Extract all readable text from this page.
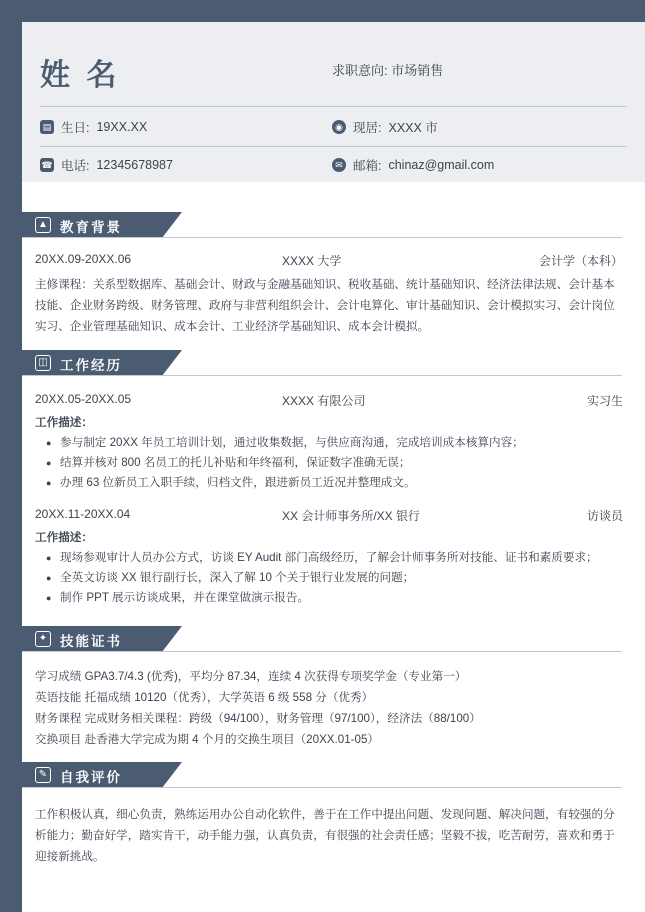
姓 名	求职意向: 市场销售
▤ 生日: 19XX.XX	◉ 现居: XXXX 市
☎ 电话: 12345678987	✉ 邮箱: chinaz@gmail.com
▲ 教育背景
20XX.09-20XX.06	XXXX 大学	会计学（本科）
主修课程：关系型数据库、基础会计、财政与金融基础知识、税收基础、统计基础知识、经济法律法规、会计基本技能、企业财务跨级、财务管理、政府与非营利组织会计、会计电算化、审计基础知识、会计模拟实习、会计岗位实习、企业管理基础知识、成本会计、工业经济学基础知识、成本会计模拟。
◫ 工作经历
20XX.05-20XX.05	XXXX 有限公司	实习生
工作描述：
● 参与制定 20XX 年员工培训计划，通过收集数据，与供应商沟通，完成培训成本核算内容；
● 结算并核对 800 名员工的托儿补贴和年终福利，保证数字准确无误；
● 办理 63 位新员工入职手续，归档文件，跟进新员工近况并整理成文。
20XX.11-20XX.04	XX 会计师事务所/XX 银行	访谈员
工作描述：
● 现场参观审计人员办公方式，访谈 EY Audit 部门高级经历，了解会计师事务所对技能、证书和素质要求；
● 全英文访谈 XX 银行副行长，深入了解 10 个关于银行业发展的问题；
● 制作 PPT 展示访谈成果，并在课堂做演示报告。
✦ 技能证书
学习成绩 GPA3.7/4.3 (优秀)，平均分 87.34，连续 4 次获得专项奖学金（专业第一）
英语技能 托福成绩 10120（优秀），大学英语 6 级 558 分（优秀）
财务课程 完成财务相关课程：跨级（94/100），财务管理（97/100），经济法（88/100）
交换项目 赴香港大学完成为期 4 个月的交换生项目（20XX.01-05）
✎ 自我评价
工作积极认真，细心负责，熟练运用办公自动化软件，善于在工作中提出问题、发现问题、解决问题，有较强的分析能力；勤奋好学，踏实肯干，动手能力强，认真负责，有很强的社会责任感；坚毅不拔，吃苦耐劳，喜欢和勇于迎接新挑战。
